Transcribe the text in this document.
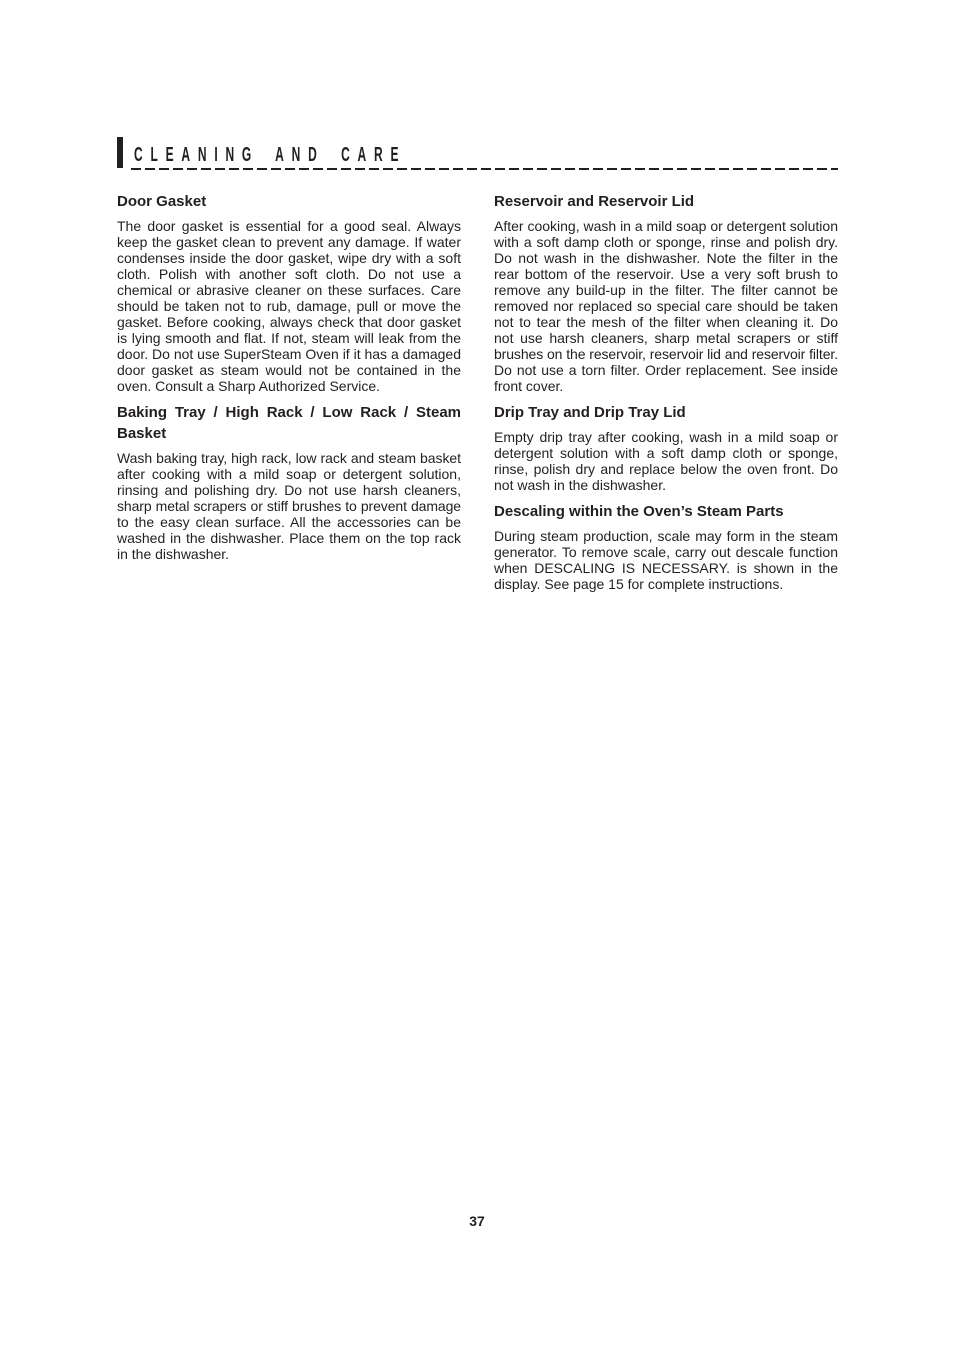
CLEANING AND CARE
Door Gasket
The door gasket is essential for a good seal. Always
keep the gasket clean to prevent any damage. If water
condenses inside the door gasket, wipe dry with a soft
cloth. Polish with another soft cloth. Do not use a
chemical or abrasive cleaner on these surfaces. Care
should be taken not to rub, damage, pull or move the
gasket. Before cooking, always check that door gasket
is lying smooth and flat. If not, steam will leak from the
door. Do not use SuperSteam Oven if it has a damaged
door gasket as steam would not be contained in the
oven. Consult a Sharp Authorized Service.
Baking Tray / High Rack / Low Rack / Steam Basket
Wash baking tray, high rack, low rack and steam basket
after cooking with a mild soap or detergent solution,
rinsing and polishing dry. Do not use harsh cleaners,
sharp metal scrapers or stiff brushes to prevent damage
to the easy clean surface. All the accessories can be
washed in the dishwasher. Place them on the top rack
in the dishwasher.
Reservoir and Reservoir Lid
After cooking, wash in a mild soap or detergent solution
with a soft damp cloth or sponge, rinse and polish dry.
Do not wash in the dishwasher. Note the filter in the
rear bottom of the reservoir. Use a very soft brush to
remove any build-up in the filter. The filter cannot be
removed nor replaced so special care should be taken
not to tear the mesh of the filter when cleaning it. Do
not use harsh cleaners, sharp metal scrapers or stiff
brushes on the reservoir, reservoir lid and reservoir filter.
Do not use a torn filter. Order replacement. See inside
front cover.
Drip Tray and Drip Tray Lid
Empty drip tray after cooking, wash in a mild soap or
detergent solution with a soft damp cloth or sponge,
rinse, polish dry and replace below the oven front. Do
not wash in the dishwasher.
Descaling within the Oven’s Steam Parts
During steam production, scale may form in the steam
generator. To remove scale, carry out descale function
when DESCALING IS NECESSARY. is shown in the
display. See page 15 for complete instructions.
37
